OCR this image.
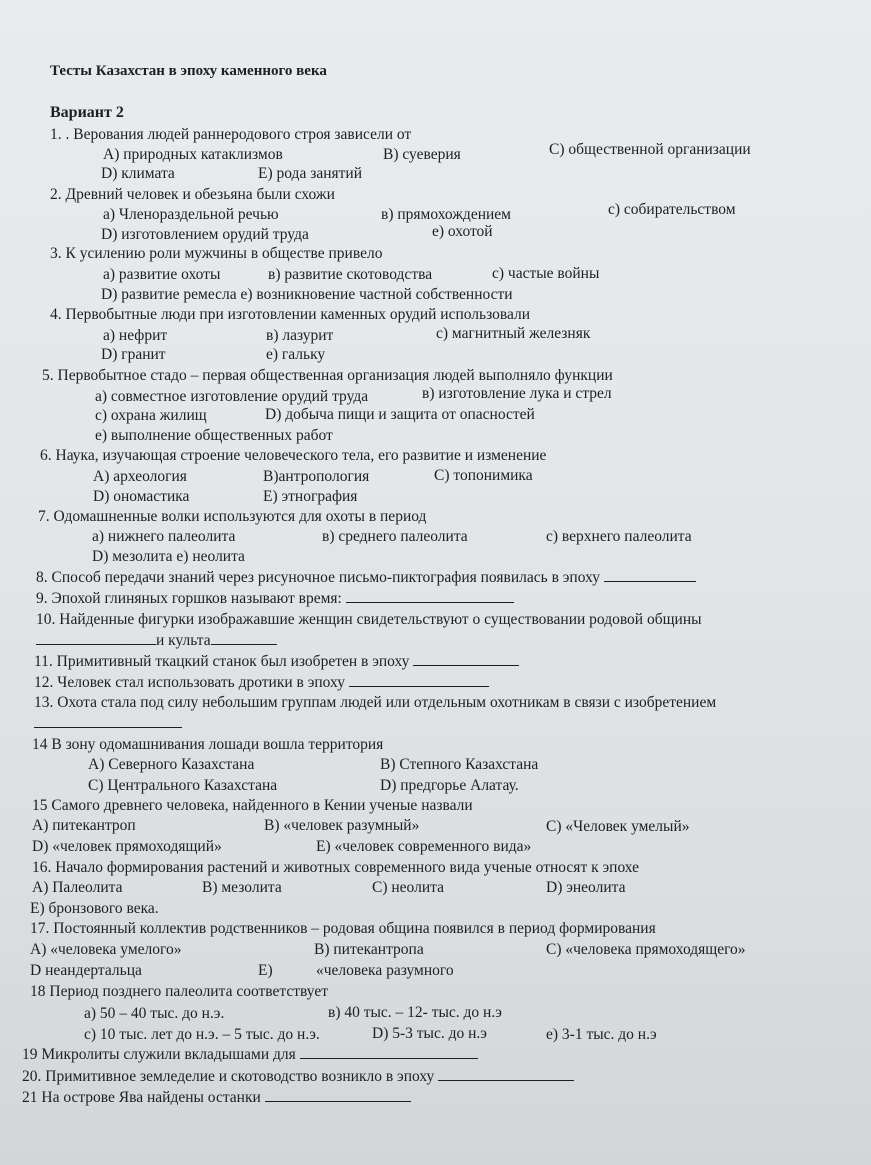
Тесты Казахстан в эпоху каменного века
Вариант 2
1. . Верования людей раннеродового строя зависели от
А) природных катаклизмов	В) суеверия	С) общественной организации
D) климата	Е) рода занятий
2. Древний человек и обезьяна были схожи
а) Членораздельной речью	в) прямохождением	с) собирательством
D) изготовлением орудий труда	е) охотой
3. К усилению роли мужчины в обществе привело
а) развитие охоты	в) развитие скотоводства	с) частые войны
D) развитие ремесла е) возникновение частной собственности
4. Первобытные люди при изготовлении каменных орудий использовали
а) нефрит	в) лазурит	с) магнитный железняк
D) гранит	е) гальку
5. Первобытное стадо – первая общественная организация людей выполняло функции
а) совместное изготовление орудий труда	в) изготовление лука и стрел
с) охрана жилищ	D) добыча пищи и защита от опасностей
е) выполнение общественных работ
6. Наука, изучающая строение человеческого тела, его развитие и изменение
А) археология	В)антропология	С) топонимика
D) ономастика	Е) этнография
7. Одомашненные волки используются для охоты в период
а) нижнего палеолита	в) среднего палеолита	с) верхнего палеолита
D) мезолита е) неолита
8. Способ передачи знаний через рисуночное письмо-пиктография появилась в эпоху
9. Эпохой глиняных горшков называют время:
10. Найденные фигурки изображавшие женщин свидетельствуют о существовании родовой общины
и культа
11. Примитивный ткацкий станок был изобретен в эпоху
12. Человек стал использовать дротики в эпоху
13. Охота стала под силу небольшим группам людей или отдельным охотникам в связи с изобретением
14 В зону одомашнивания лошади вошла территория
А) Северного Казахстана	В) Степного Казахстана
С) Центрального Казахстана	D) предгорье Алатау.
15 Самого древнего человека, найденного в Кении ученые назвали
А) питекантроп	В) «человек разумный»	С) «Человек умелый»
D) «человек прямоходящий»	Е) «человек современного вида»
16. Начало формирования растений и животных современного вида ученые относят к эпохе
А) Палеолита	В) мезолита	С) неолита	D) энеолита
Е) бронзового века.
17. Постоянный коллектив родственников – родовая община появился в период формирования
А) «человека умелого»	В) питекантропа	С) «человека прямоходящего»
D неандертальца	Е)	«человека разумного
18 Период позднего палеолита соответствует
а) 50 – 40 тыс. до н.э.	в) 40 тыс. – 12- тыс. до н.э
с) 10 тыс. лет до н.э. – 5 тыс. до н.э.	D) 5-3 тыс. до н.э	е) 3-1 тыс. до н.э
19 Микролиты служили вкладышами для
20. Примитивное земледелие и скотоводство возникло в эпоху
21 На острове Ява найдены останки
